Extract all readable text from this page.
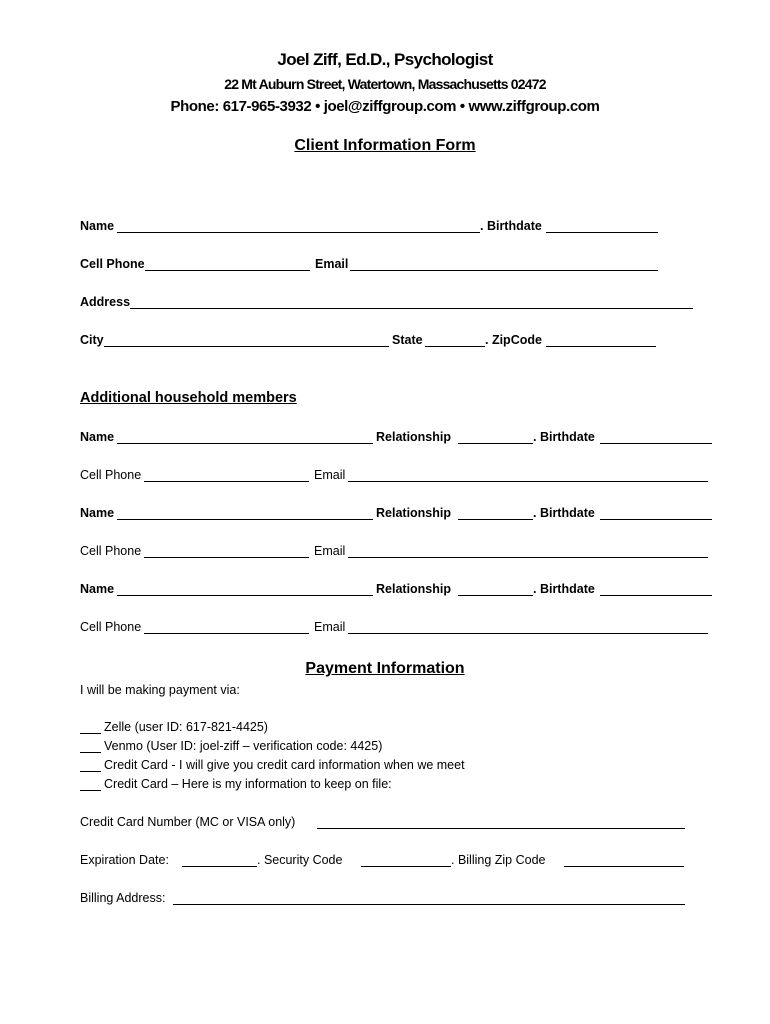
Joel Ziff, Ed.D., Psychologist
22 Mt Auburn Street, Watertown, Massachusetts 02472
Phone: 617-965-3932 • joel@ziffgroup.com • www.ziffgroup.com
Client Information Form
Name	. Birthdate
Cell Phone	Email
Address
City	State	. ZipCode
Additional household members
Name	Relationship	. Birthdate
Cell Phone	Email
Name	Relationship	. Birthdate
Cell Phone	Email
Name	Relationship	. Birthdate
Cell Phone	Email
Payment Information
I will be making payment via:
Zelle (user ID: 617-821-4425)
Venmo (User ID: joel-ziff – verification code: 4425)
Credit Card - I will give you credit card information when we meet
Credit Card – Here is my information to keep on file:
Credit Card Number (MC or VISA only)
Expiration Date:	. Security Code	. Billing Zip Code
Billing Address:
